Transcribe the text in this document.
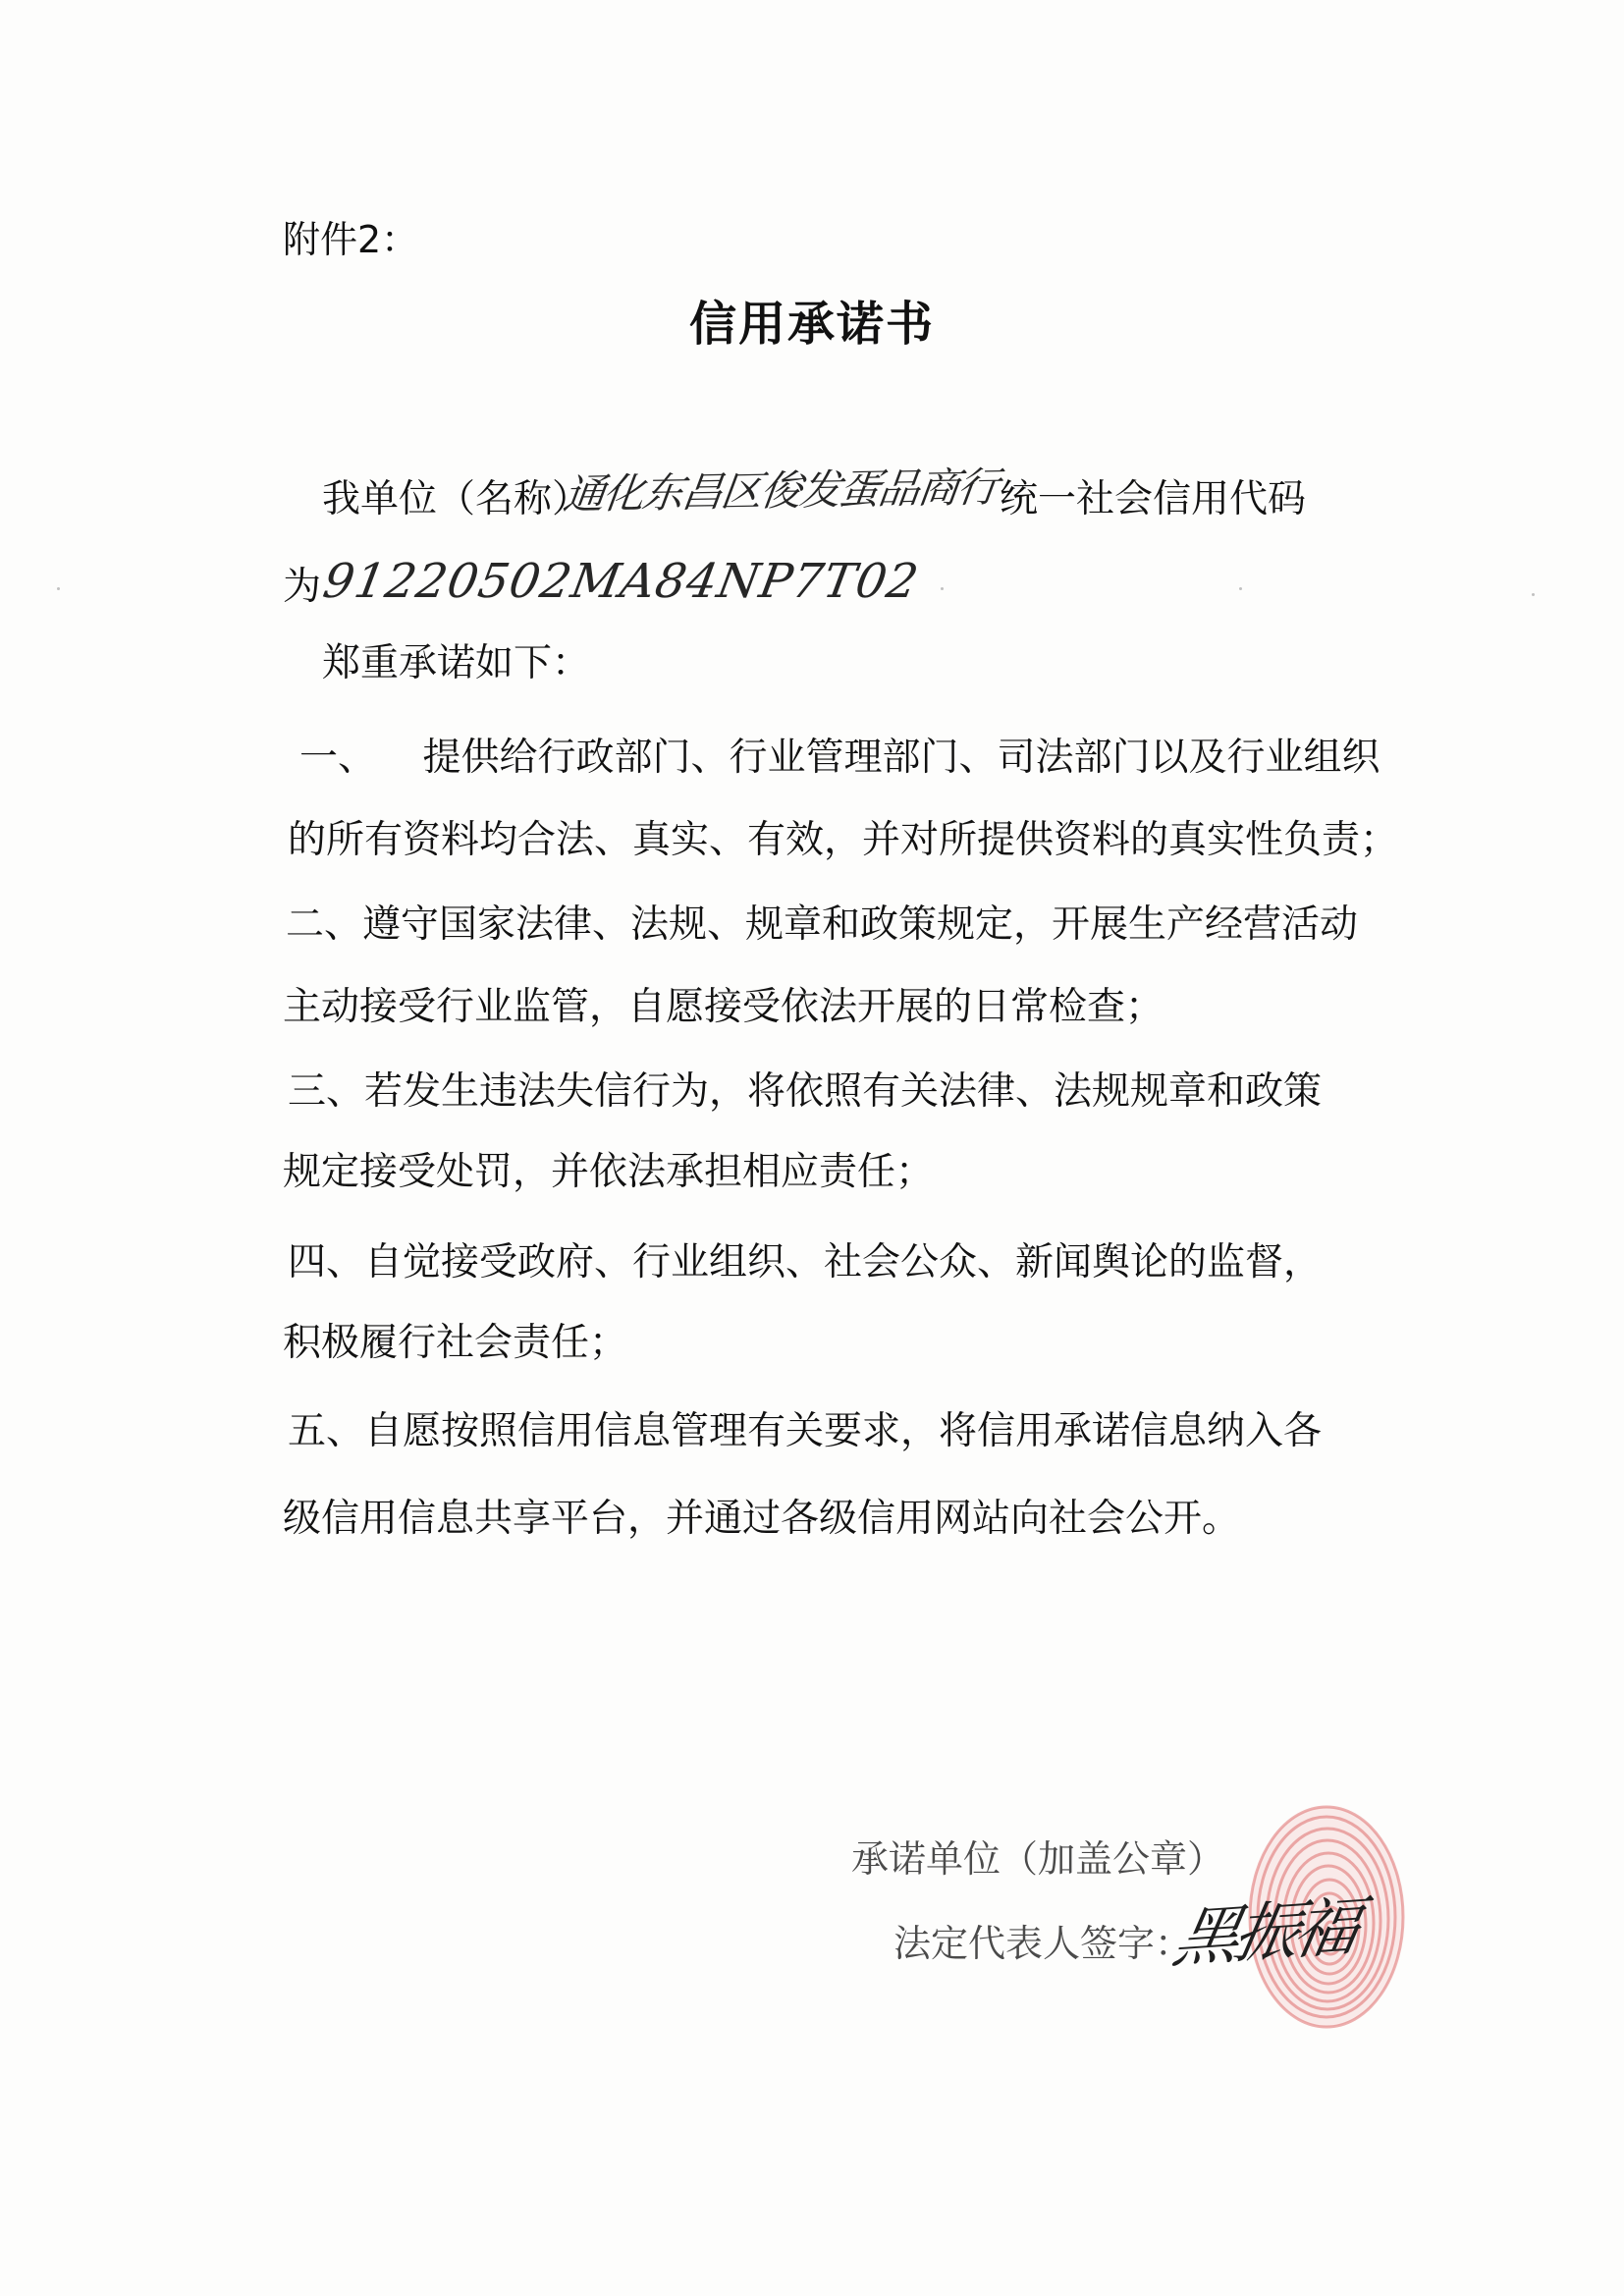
附件2：
信用承诺书
我单位（名称）
通化东昌区俊发蛋品商行 统一社会信用代码
为
91220502MA84NP7T02
郑重承诺如下：
一、 提供给行政部门、行业管理部门、司法部门以及行业组织
的所有资料均合法、真实、有效，并对所提供资料的真实性负责；
二、遵守国家法律、法规、规章和政策规定，开展生产经营活动
主动接受行业监管，自愿接受依法开展的日常检查；
三、若发生违法失信行为，将依照有关法律、法规规章和政策
规定接受处罚，并依法承担相应责任；
四、自觉接受政府、行业组织、社会公众、新闻舆论的监督，
积极履行社会责任；
五、自愿按照信用信息管理有关要求，将信用承诺信息纳入各
级信用信息共享平台，并通过各级信用网站向社会公开。
承诺单位（加盖公章）
法定代表人签字：
黑振福
